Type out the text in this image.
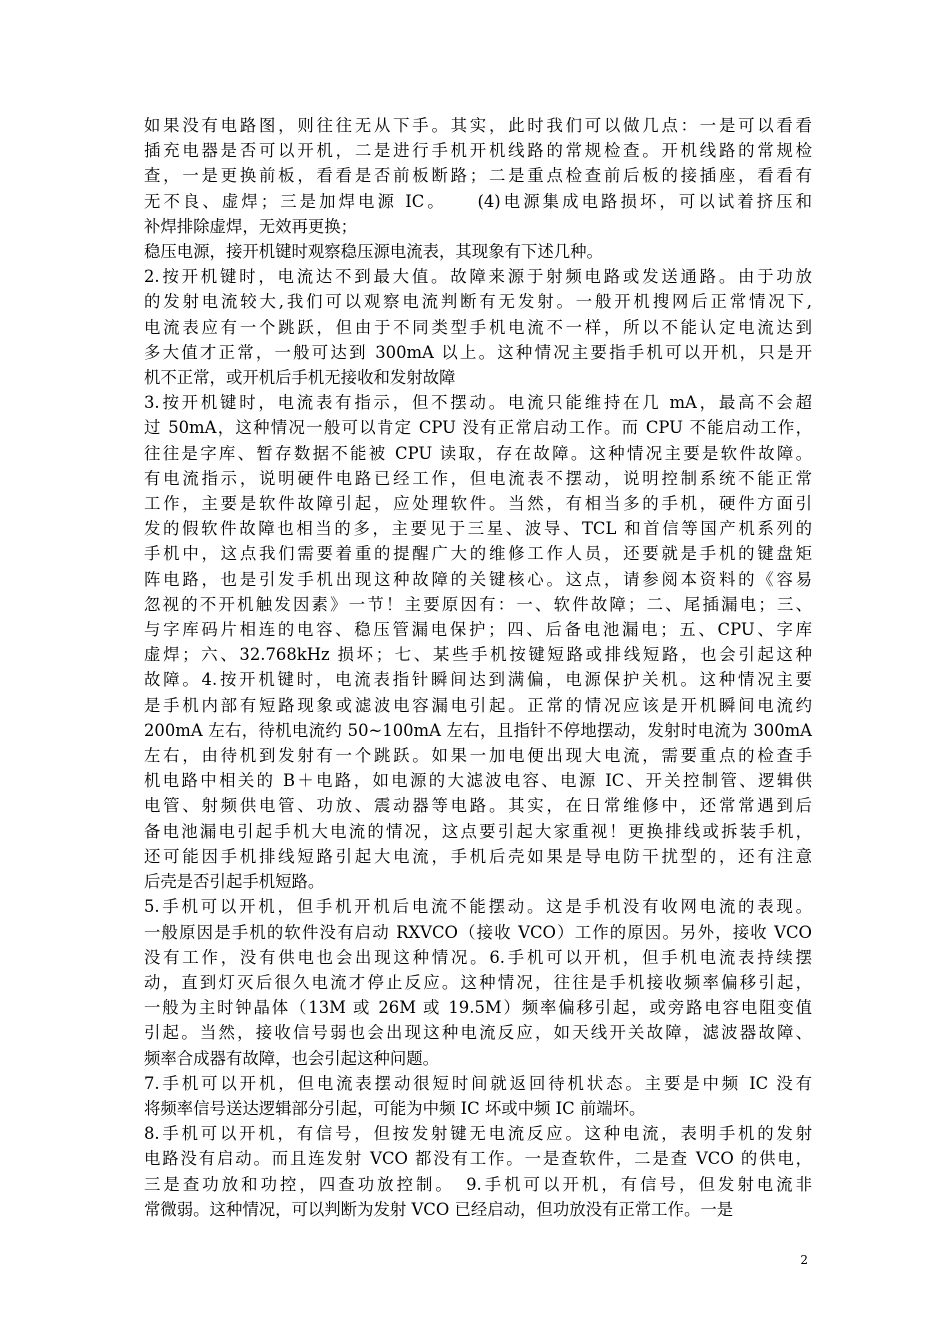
如果没有电路图，则往往无从下手。其实，此时我们可以做几点：一是可以看看
插充电器是否可以开机，二是进行手机开机线路的常规检查。开机线路的常规检
查，一是更换前板，看看是否前板断路；二是重点检查前后板的接插座，看看有
无不良、虚焊；三是加焊电源 IC。　　(4)电源集成电路损坏，可以试着挤压和
补焊排除虚焊，无效再更换；
稳压电源，接开机键时观察稳压源电流表，其现象有下述几种。
2.按开机键时，电流达不到最大值。故障来源于射频电路或发送通路。由于功放
的发射电流较大,我们可以观察电流判断有无发射。一般开机搜网后正常情况下,
电流表应有一个跳跃，但由于不同类型手机电流不一样，所以不能认定电流达到
多大值才正常，一般可达到 300mA 以上。这种情况主要指手机可以开机，只是开
机不正常，或开机后手机无接收和发射故障
3.按开机键时，电流表有指示，但不摆动。电流只能维持在几 mA，最高不会超
过 50mA，这种情况一般可以肯定 CPU 没有正常启动工作。而 CPU 不能启动工作，
往往是字库、暂存数据不能被 CPU 读取，存在故障。这种情况主要是软件故障。
有电流指示，说明硬件电路已经工作，但电流表不摆动，说明控制系统不能正常
工作，主要是软件故障引起，应处理软件。当然，有相当多的手机，硬件方面引
发的假软件故障也相当的多，主要见于三星、波导、TCL 和首信等国产机系列的
手机中，这点我们需要着重的提醒广大的维修工作人员，还要就是手机的键盘矩
阵电路，也是引发手机出现这种故障的关键核心。这点，请参阅本资料的《容易
忽视的不开机触发因素》一节！主要原因有：一、软件故障；二、尾插漏电；三、
与字库码片相连的电容、稳压管漏电保护；四、后备电池漏电；五、CPU、字库
虚焊；六、32.768kHz 损坏；七、某些手机按键短路或排线短路，也会引起这种
故障。4.按开机键时，电流表指针瞬间达到满偏，电源保护关机。这种情况主要
是手机内部有短路现象或滤波电容漏电引起。正常的情况应该是开机瞬间电流约
200mA 左右，待机电流约 50~100mA 左右，且指针不停地摆动，发射时电流为 300mA
左右，由待机到发射有一个跳跃。如果一加电便出现大电流，需要重点的检查手
机电路中相关的 B＋电路，如电源的大滤波电容、电源 IC、开关控制管、逻辑供
电管、射频供电管、功放、震动器等电路。其实，在日常维修中，还常常遇到后
备电池漏电引起手机大电流的情况，这点要引起大家重视！更换排线或拆装手机，
还可能因手机排线短路引起大电流，手机后壳如果是导电防干扰型的，还有注意
后壳是否引起手机短路。
5.手机可以开机，但手机开机后电流不能摆动。这是手机没有收网电流的表现。
一般原因是手机的软件没有启动 RXVCO（接收 VCO）工作的原因。另外，接收 VCO
没有工作，没有供电也会出现这种情况。6.手机可以开机，但手机电流表持续摆
动，直到灯灭后很久电流才停止反应。这种情况，往往是手机接收频率偏移引起，
一般为主时钟晶体（13M 或 26M 或 19.5M）频率偏移引起，或旁路电容电阻变值
引起。当然，接收信号弱也会出现这种电流反应，如天线开关故障，滤波器故障、
频率合成器有故障，也会引起这种问题。
7.手机可以开机，但电流表摆动很短时间就返回待机状态。主要是中频 IC 没有
将频率信号送达逻辑部分引起，可能为中频 IC 坏或中频 IC 前端坏。
8.手机可以开机，有信号，但按发射键无电流反应。这种电流，表明手机的发射
电路没有启动。而且连发射 VCO 都没有工作。一是查软件，二是查 VCO 的供电，
三是查功放和功控，四查功放控制。　9.手机可以开机，有信号，但发射电流非
常微弱。这种情况，可以判断为发射 VCO 已经启动，但功放没有正常工作。一是
2
